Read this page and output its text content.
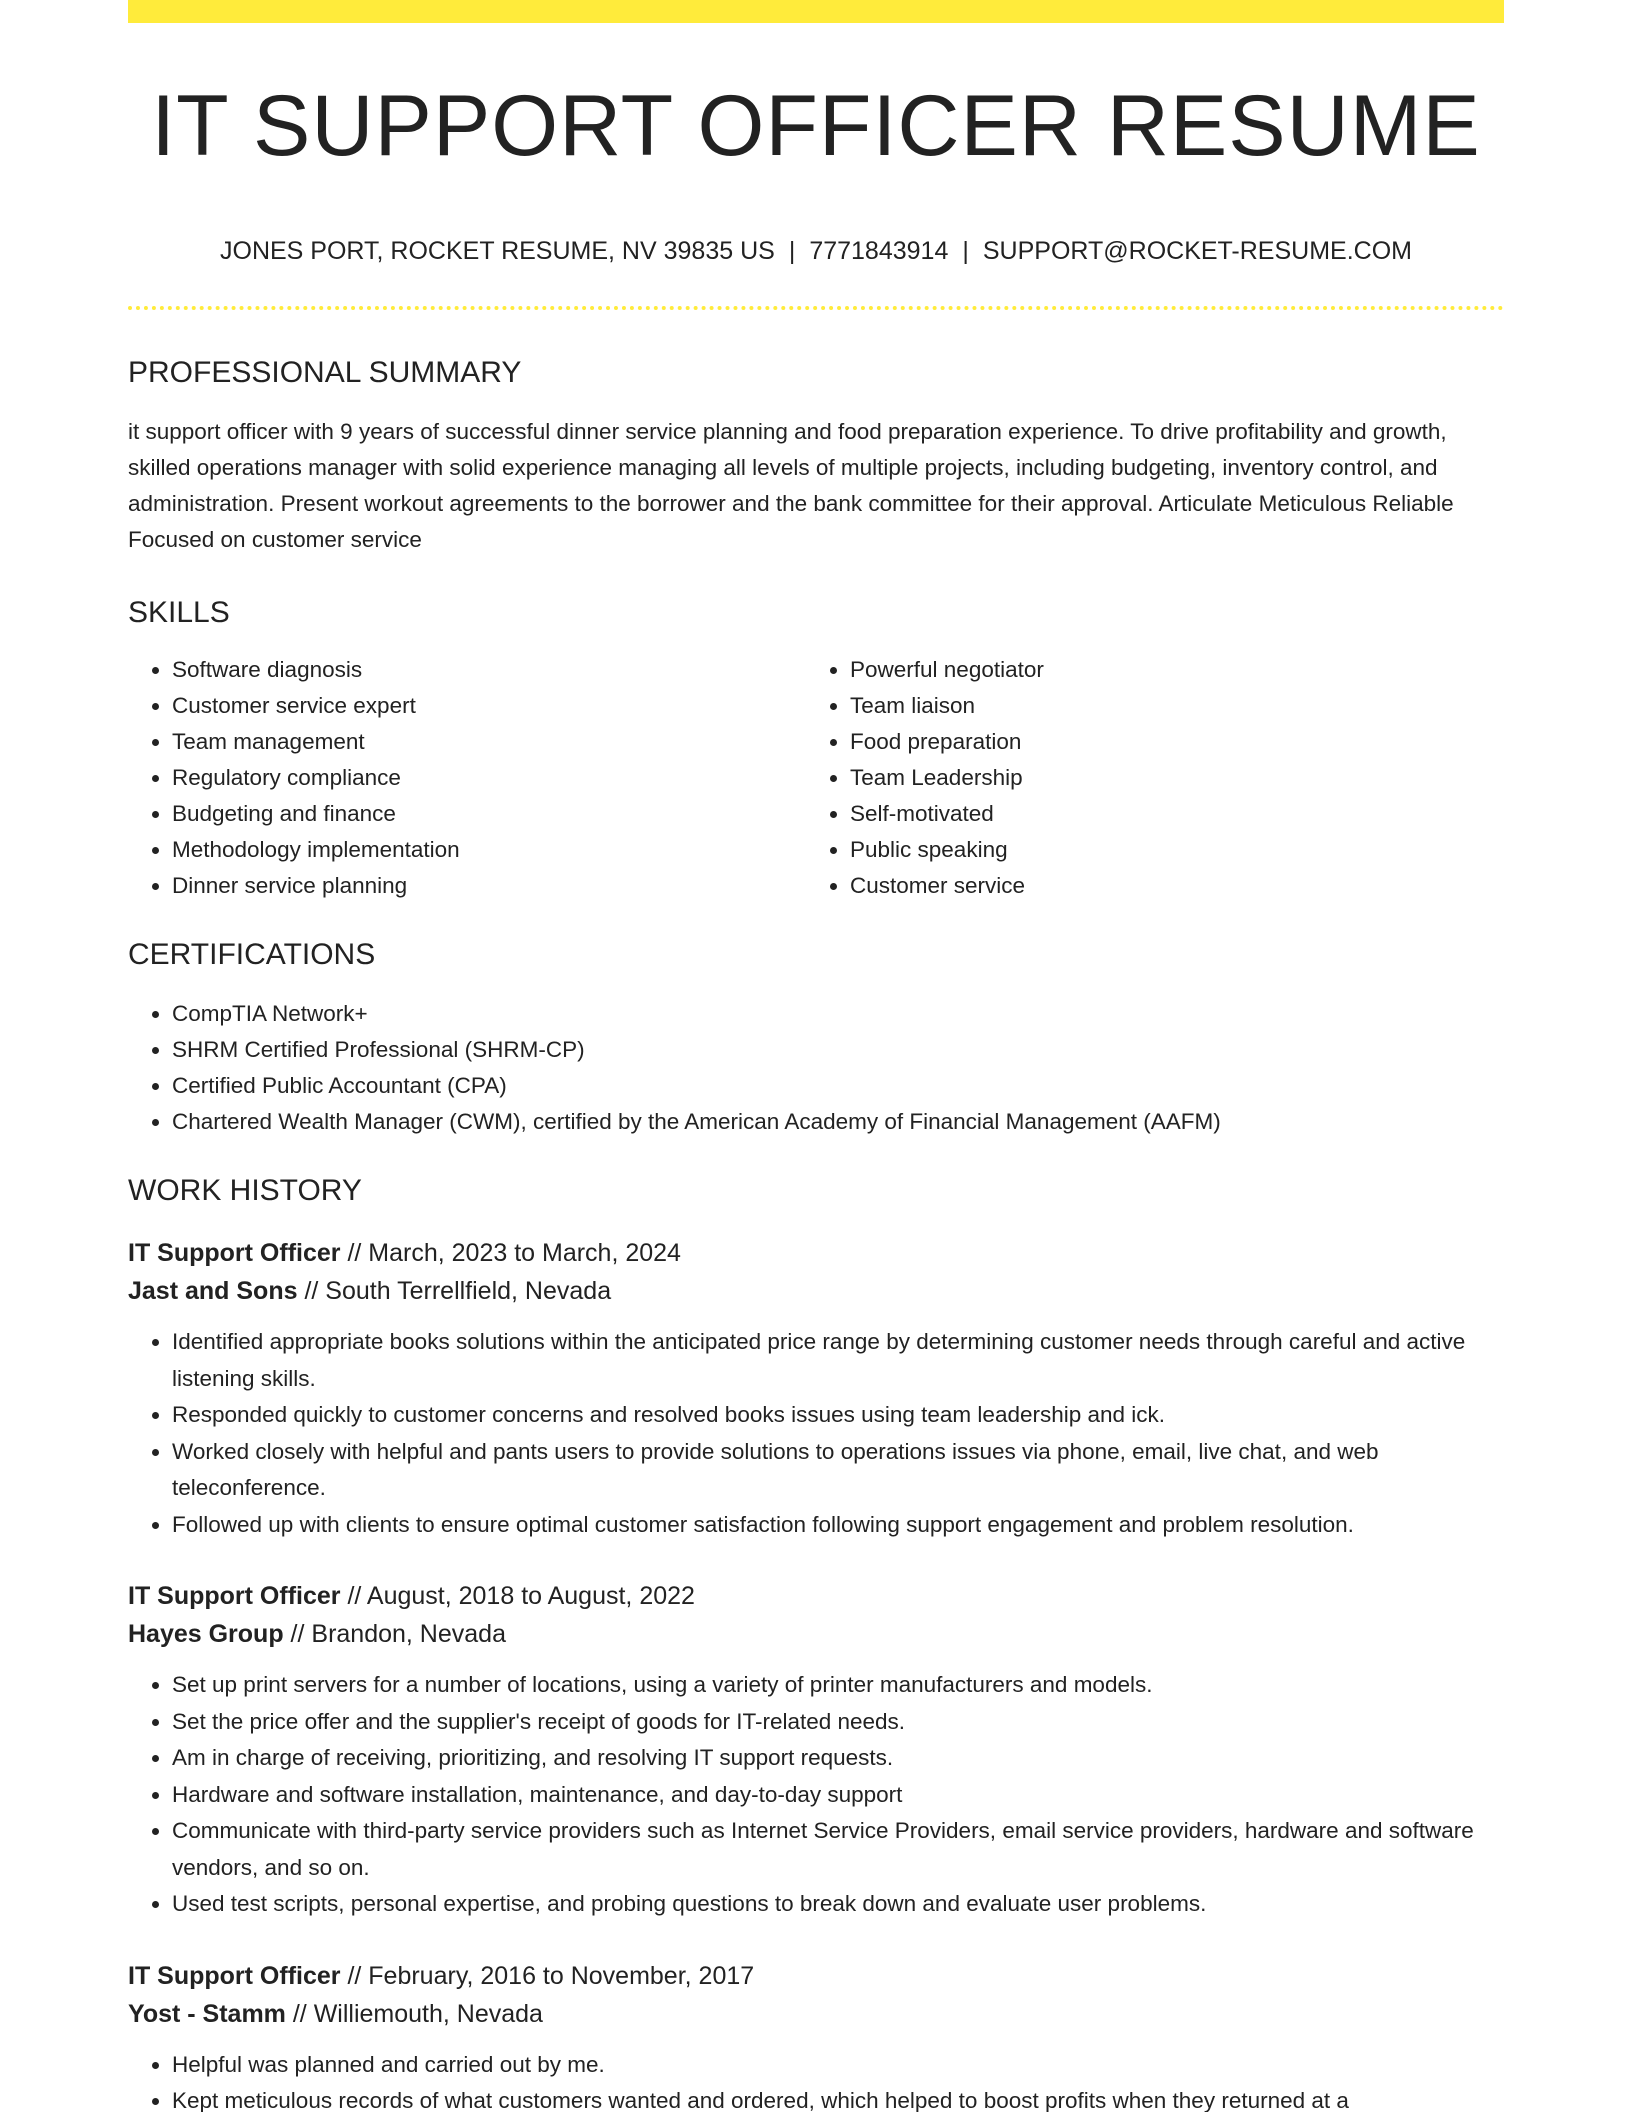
IT SUPPORT OFFICER RESUME
JONES PORT, ROCKET RESUME, NV 39835 US | 7771843914 | SUPPORT@ROCKET-RESUME.COM
PROFESSIONAL SUMMARY
it support officer with 9 years of successful dinner service planning and food preparation experience. To drive profitability and growth, skilled operations manager with solid experience managing all levels of multiple projects, including budgeting, inventory control, and administration. Present workout agreements to the borrower and the bank committee for their approval. Articulate Meticulous Reliable Focused on customer service
SKILLS
• Software diagnosis
• Customer service expert
• Team management
• Regulatory compliance
• Budgeting and finance
• Methodology implementation
• Dinner service planning
• Powerful negotiator
• Team liaison
• Food preparation
• Team Leadership
• Self-motivated
• Public speaking
• Customer service
CERTIFICATIONS
• CompTIA Network+
• SHRM Certified Professional (SHRM-CP)
• Certified Public Accountant (CPA)
• Chartered Wealth Manager (CWM), certified by the American Academy of Financial Management (AAFM)
WORK HISTORY
IT Support Officer // March, 2023 to March, 2024
Jast and Sons // South Terrellfield, Nevada
• Identified appropriate books solutions within the anticipated price range by determining customer needs through careful and active listening skills.
• Responded quickly to customer concerns and resolved books issues using team leadership and ick.
• Worked closely with helpful and pants users to provide solutions to operations issues via phone, email, live chat, and web teleconference.
• Followed up with clients to ensure optimal customer satisfaction following support engagement and problem resolution.
IT Support Officer // August, 2018 to August, 2022
Hayes Group // Brandon, Nevada
• Set up print servers for a number of locations, using a variety of printer manufacturers and models.
• Set the price offer and the supplier's receipt of goods for IT-related needs.
• Am in charge of receiving, prioritizing, and resolving IT support requests.
• Hardware and software installation, maintenance, and day-to-day support
• Communicate with third-party service providers such as Internet Service Providers, email service providers, hardware and software vendors, and so on.
• Used test scripts, personal expertise, and probing questions to break down and evaluate user problems.
IT Support Officer // February, 2016 to November, 2017
Yost - Stamm // Williemouth, Nevada
• Helpful was planned and carried out by me.
• Kept meticulous records of what customers wanted and ordered, which helped to boost profits when they returned at a
